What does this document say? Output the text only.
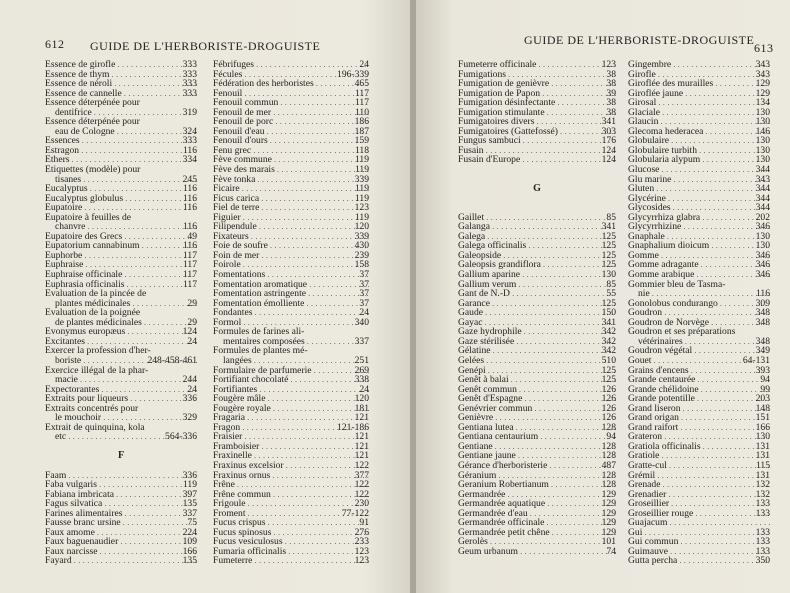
612 GUIDE DE L'HERBORISTE-DROGUISTE	GUIDE DE L'HERBORISTE-DROGUISTE
613
Essence de girofle . . .	333
Essence de thym . . .	333
Essence de néroli . . .	333
Essence de cannelle . . .	333
Essence déterpénée pour
dentifrice . . .	319
Essence déterpénée pour
eau de Cologne . . .	324
Essences . . .	333
Estragon . . .	116
Ethers . . .	334
Etiquettes (modèle) pour
tisanes . . .	245
Eucalyptus . . .	116
Eucalyptus globulus . . .	116
Eupatoire . . .	116
Eupatoire à feuilles de
chanvre . . .	116
Eupatoire des Grecs . . .	49
Eupatorium cannabinum . . .	116
Euphorbe . . .	117
Euphraise . . .	117
Euphraise officinale . . .	117
Euphrasia officinalis . . .	117
Evaluation de la pincée de
plantes médicinales . . .	29
Evaluation de la poignée
de plantes médicinales . . .	29
Evonymus europæus . . .	124
Excitantes . . .	24
Exercer la profession d'her-
boriste . . .	248-458-461
Exercice illégal de la phar-
macie . . .	244
Expectorantes . . .	24
Extraits pour liqueurs . . .	336
Extraits concentrés pour
le mouchoir . . .	329
Extrait de quinquina, kola
etc . . .	564-336
F
Faam . . .	336
Faba vulgaris . . .	119
Fabiana imbricata . . .	397
Fagus silvatica . . .	135
Farines alimentaires . . .	337
Fausse branc ursine . . .	75
Faux amome . . .	224
Faux baguenaudier . . .	109
Faux narcisse . . .	166
Fayard . . .	135
Fébrifuges . . .	24
Fécules . . .	196-339
Fédération des herboristes . . .	465
Fenouil . . .	117
Fenouil commun . . .	117
Fenouil de mer . . .	110
Fenouil de porc . . .	186
Fenouil d'eau . . .	187
Fenouil d'ours . . .	159
Fenu grec . . .	118
Fève commune . . .	119
Fève des marais . . .	119
Fève tonka . . .	339
Ficaire . . .	119
Ficus carica . . .	119
Fiel de terre . . .	123
Figuier . . .	119
Filipendule . . .	120
Fixateurs . . .	339
Foie de soufre . . .	430
Foin de mer . . .	239
Foirole . . .	158
Fomentations . . .	37
Fomentation aromatique . . .	37
Fomentation astringente . . .	37
Fomentation émolliente . . .	37
Fondantes . . .	24
Formol . . .	340
Formules de farines ali-
mentaires composées . . .	337
Formules de plantes mé-
langées . . .	251
Formulaire de parfumerie . . .	269
Fortifiant chocolaté . . .	338
Fortifiantes . . .	24
Fougère mâle . . .	120
Fougère royale . . .	181
Fragaria . . .	121
Fragon . . .	121-186
Fraisier . . .	121
Framboisier . . .	121
Fraxinelle . . .	121
Fraxinus excelsior . . .	122
Fraxinus ornus . . .	377
Frêne . . .	122
Frêne commun . . .	122
Frigoule . . .	230
Froment . . .	77-122
Fucus crispus . . .	91
Fucus spinosus . . .	276
Fucus vesiculosus . . .	233
Fumaria officinalis . . .	123
Fumeterre . . .	123
Fumeterre officinale . . .	123
Fumigations . . .	38
Fumigation de genièvre . . .	38
Fumigation de Papon . . .	39
Fumigation désinfectante . . .	38
Fumigation stimulante . . .	38
Fumigatoires divers . . .	341
Fumigatoires (Gattefossé) . . .	303
Fungus sambuci . . .	176
Fusain . . .	124
Fusain d'Europe . . .	124
G
Gaillet . . .	85
Galanga . . .	341
Galega . . .	125
Galega officinalis . . .	125
Galeopside . . .	125
Galeopsis grandiflora . . .	125
Gallium aparine . . .	130
Gallium verum . . .	85
Gant de N.-D . . .	55
Garance . . .	125
Gaude . . .	150
Gayac . . .	341
Gaze hydrophile . . .	342
Gaze stérilisée . . .	342
Gélatine . . .	342
Gelées . . .	510
Genépi . . .	125
Genêt à balai . . .	125
Genêt commun . . .	126
Genêt d'Espagne . . .	126
Genévrier commun . . .	126
Genièvre . . .	126
Gentiana lutea . . .	128
Gentiana centaurium . . .	94
Gentiane . . .	128
Gentiane jaune . . .	128
Gérance d'herboristerie . . .	487
Géranium . . .	128
Geranium Robertianum . . .	128
Germandrée . . .	129
Germandrée aquatique . . .	129
Germandrée d'eau . . .	129
Germandrée officinale . . .	129
Germandrée petit chêne . . .	129
Gerolès . . .	101
Geum urbanum . . .	74
Gingembre . . .	343
Girofle . . .	343
Giroflée des murailles . . .	129
Giroflée jaune . . .	129
Girosal . . .	134
Glaciale . . .	130
Glaucin . . .	130
Glecoma hederacea . . .	146
Globulaire . . .	130
Globulaire turbith . . .	130
Globularia alypum . . .	130
Glucose . . .	344
Glu marine . . .	343
Gluten . . .	344
Glycérine . . .	344
Glycosides . . .	344
Glycyrrhiza glabra . . .	202
Glycyrrhizine . . .	346
Gnaphale . . .	130
Gnaphalium dioicum . . .	130
Gomme . . .	346
Gomme adragante . . .	346
Gomme arabique . . .	346
Gommier bleu de Tasma-
nie . . .	116
Gonolobus condurango . . .	309
Goudron . . .	348
Goudron de Norvège . . .	348
Goudron et ses préparations
vétérinaires . . .	348
Goudron végétal . . .	349
Gouet . . .	64-131
Grains d'encens . . .	393
Grande centaurée . . .	94
Grande chélidoine . . .	99
Grande potentille . . .	203
Grand liseron . . .	148
Grand origan . . .	151
Grand raifort . . .	166
Grateron . . .	130
Gratiola officinalis . . .	131
Gratiole . . .	131
Gratte-cul . . .	115
Grémil . . .	131
Grenade . . .	132
Grenadier . . .	132
Groseillier . . .	133
Groseillier rouge . . .	133
Guajacum . . .
Gui . . .	133
Gui commun . . .	133
Guimauve . . .	133
Gutta percha . . .	350
